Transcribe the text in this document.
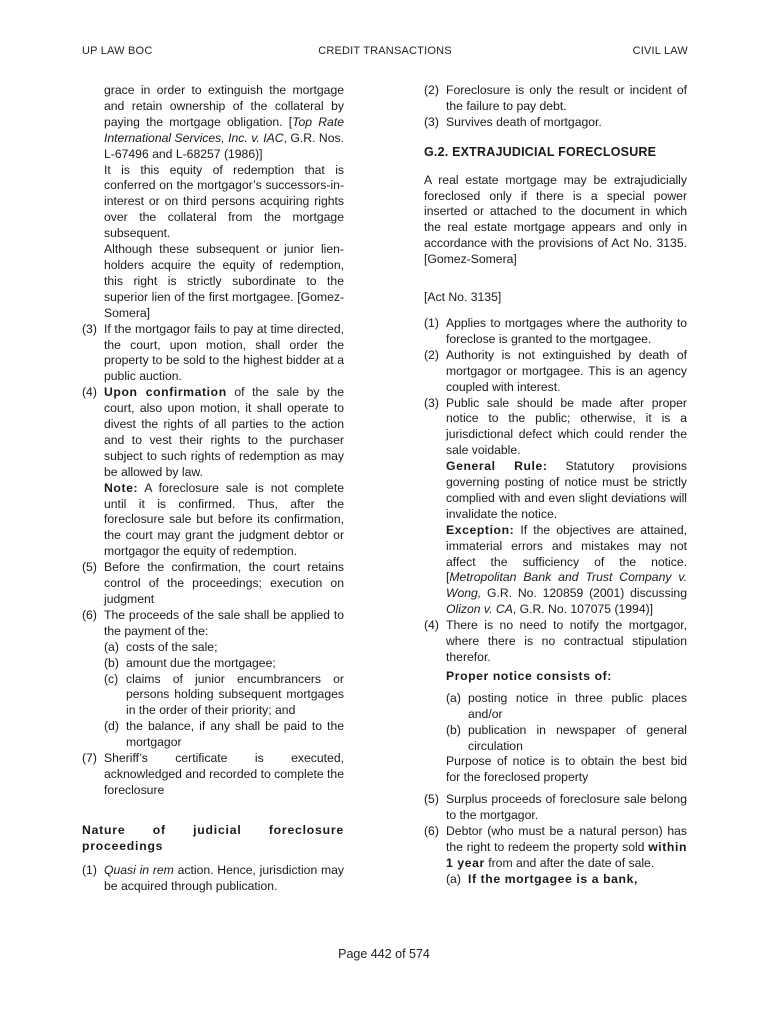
UP LAW BOC	CREDIT TRANSACTIONS	CIVIL LAW

grace in order to extinguish the mortgage and retain ownership of the collateral by paying the mortgage obligation. [Top Rate International Services, Inc. v. IAC, G.R. Nos. L-67496 and L-68257 (1986)]

It is this equity of redemption that is conferred on the mortgagor’s successors-in-interest or on third persons acquiring rights over the collateral from the mortgage subsequent.

Although these subsequent or junior lien-holders acquire the equity of redemption, this right is strictly subordinate to the superior lien of the first mortgagee. [Gomez-Somera]

(3) If the mortgagor fails to pay at time directed, the court, upon motion, shall order the property to be sold to the highest bidder at a public auction.
(4) Upon confirmation of the sale by the court, also upon motion, it shall operate to divest the rights of all parties to the action and to vest their rights to the purchaser subject to such rights of redemption as may be allowed by law.
Note: A foreclosure sale is not complete until it is confirmed. Thus, after the foreclosure sale but before its confirmation, the court may grant the judgment debtor or mortgagor the equity of redemption.
(5) Before the confirmation, the court retains control of the proceedings; execution on judgment
(6) The proceeds of the sale shall be applied to the payment of the:
(a) costs of the sale;
(b) amount due the mortgagee;
(c) claims of junior encumbrancers or persons holding subsequent mortgages in the order of their priority; and
(d) the balance, if any shall be paid to the mortgagor
(7) Sheriff’s certificate is executed, acknowledged and recorded to complete the foreclosure

Nature of judicial foreclosure proceedings

(1) Quasi in rem action. Hence, jurisdiction may be acquired through publication.
(2) Foreclosure is only the result or incident of the failure to pay debt.
(3) Survives death of mortgagor.

G.2. EXTRAJUDICIAL FORECLOSURE

A real estate mortgage may be extrajudicially foreclosed only if there is a special power inserted or attached to the document in which the real estate mortgage appears and only in accordance with the provisions of Act No. 3135. [Gomez-Somera]

[Act No. 3135]

(1) Applies to mortgages where the authority to foreclose is granted to the mortgagee.
(2) Authority is not extinguished by death of mortgagor or mortgagee. This is an agency coupled with interest.
(3) Public sale should be made after proper notice to the public; otherwise, it is a jurisdictional defect which could render the sale voidable.
General Rule: Statutory provisions governing posting of notice must be strictly complied with and even slight deviations will invalidate the notice.
Exception: If the objectives are attained, immaterial errors and mistakes may not affect the sufficiency of the notice. [Metropolitan Bank and Trust Company v. Wong, G.R. No. 120859 (2001) discussing Olizon v. CA, G.R. No. 107075 (1994)]
(4) There is no need to notify the mortgagor, where there is no contractual stipulation therefor.
Proper notice consists of:
(a) posting notice in three public places and/or
(b) publication in newspaper of general circulation

Purpose of notice is to obtain the best bid for the foreclosed property

(5) Surplus proceeds of foreclosure sale belong to the mortgagor.
(6) Debtor (who must be a natural person) has the right to redeem the property sold within 1 year from and after the date of sale.
(a) If the mortgagee is a bank,
Page 442 of 574
